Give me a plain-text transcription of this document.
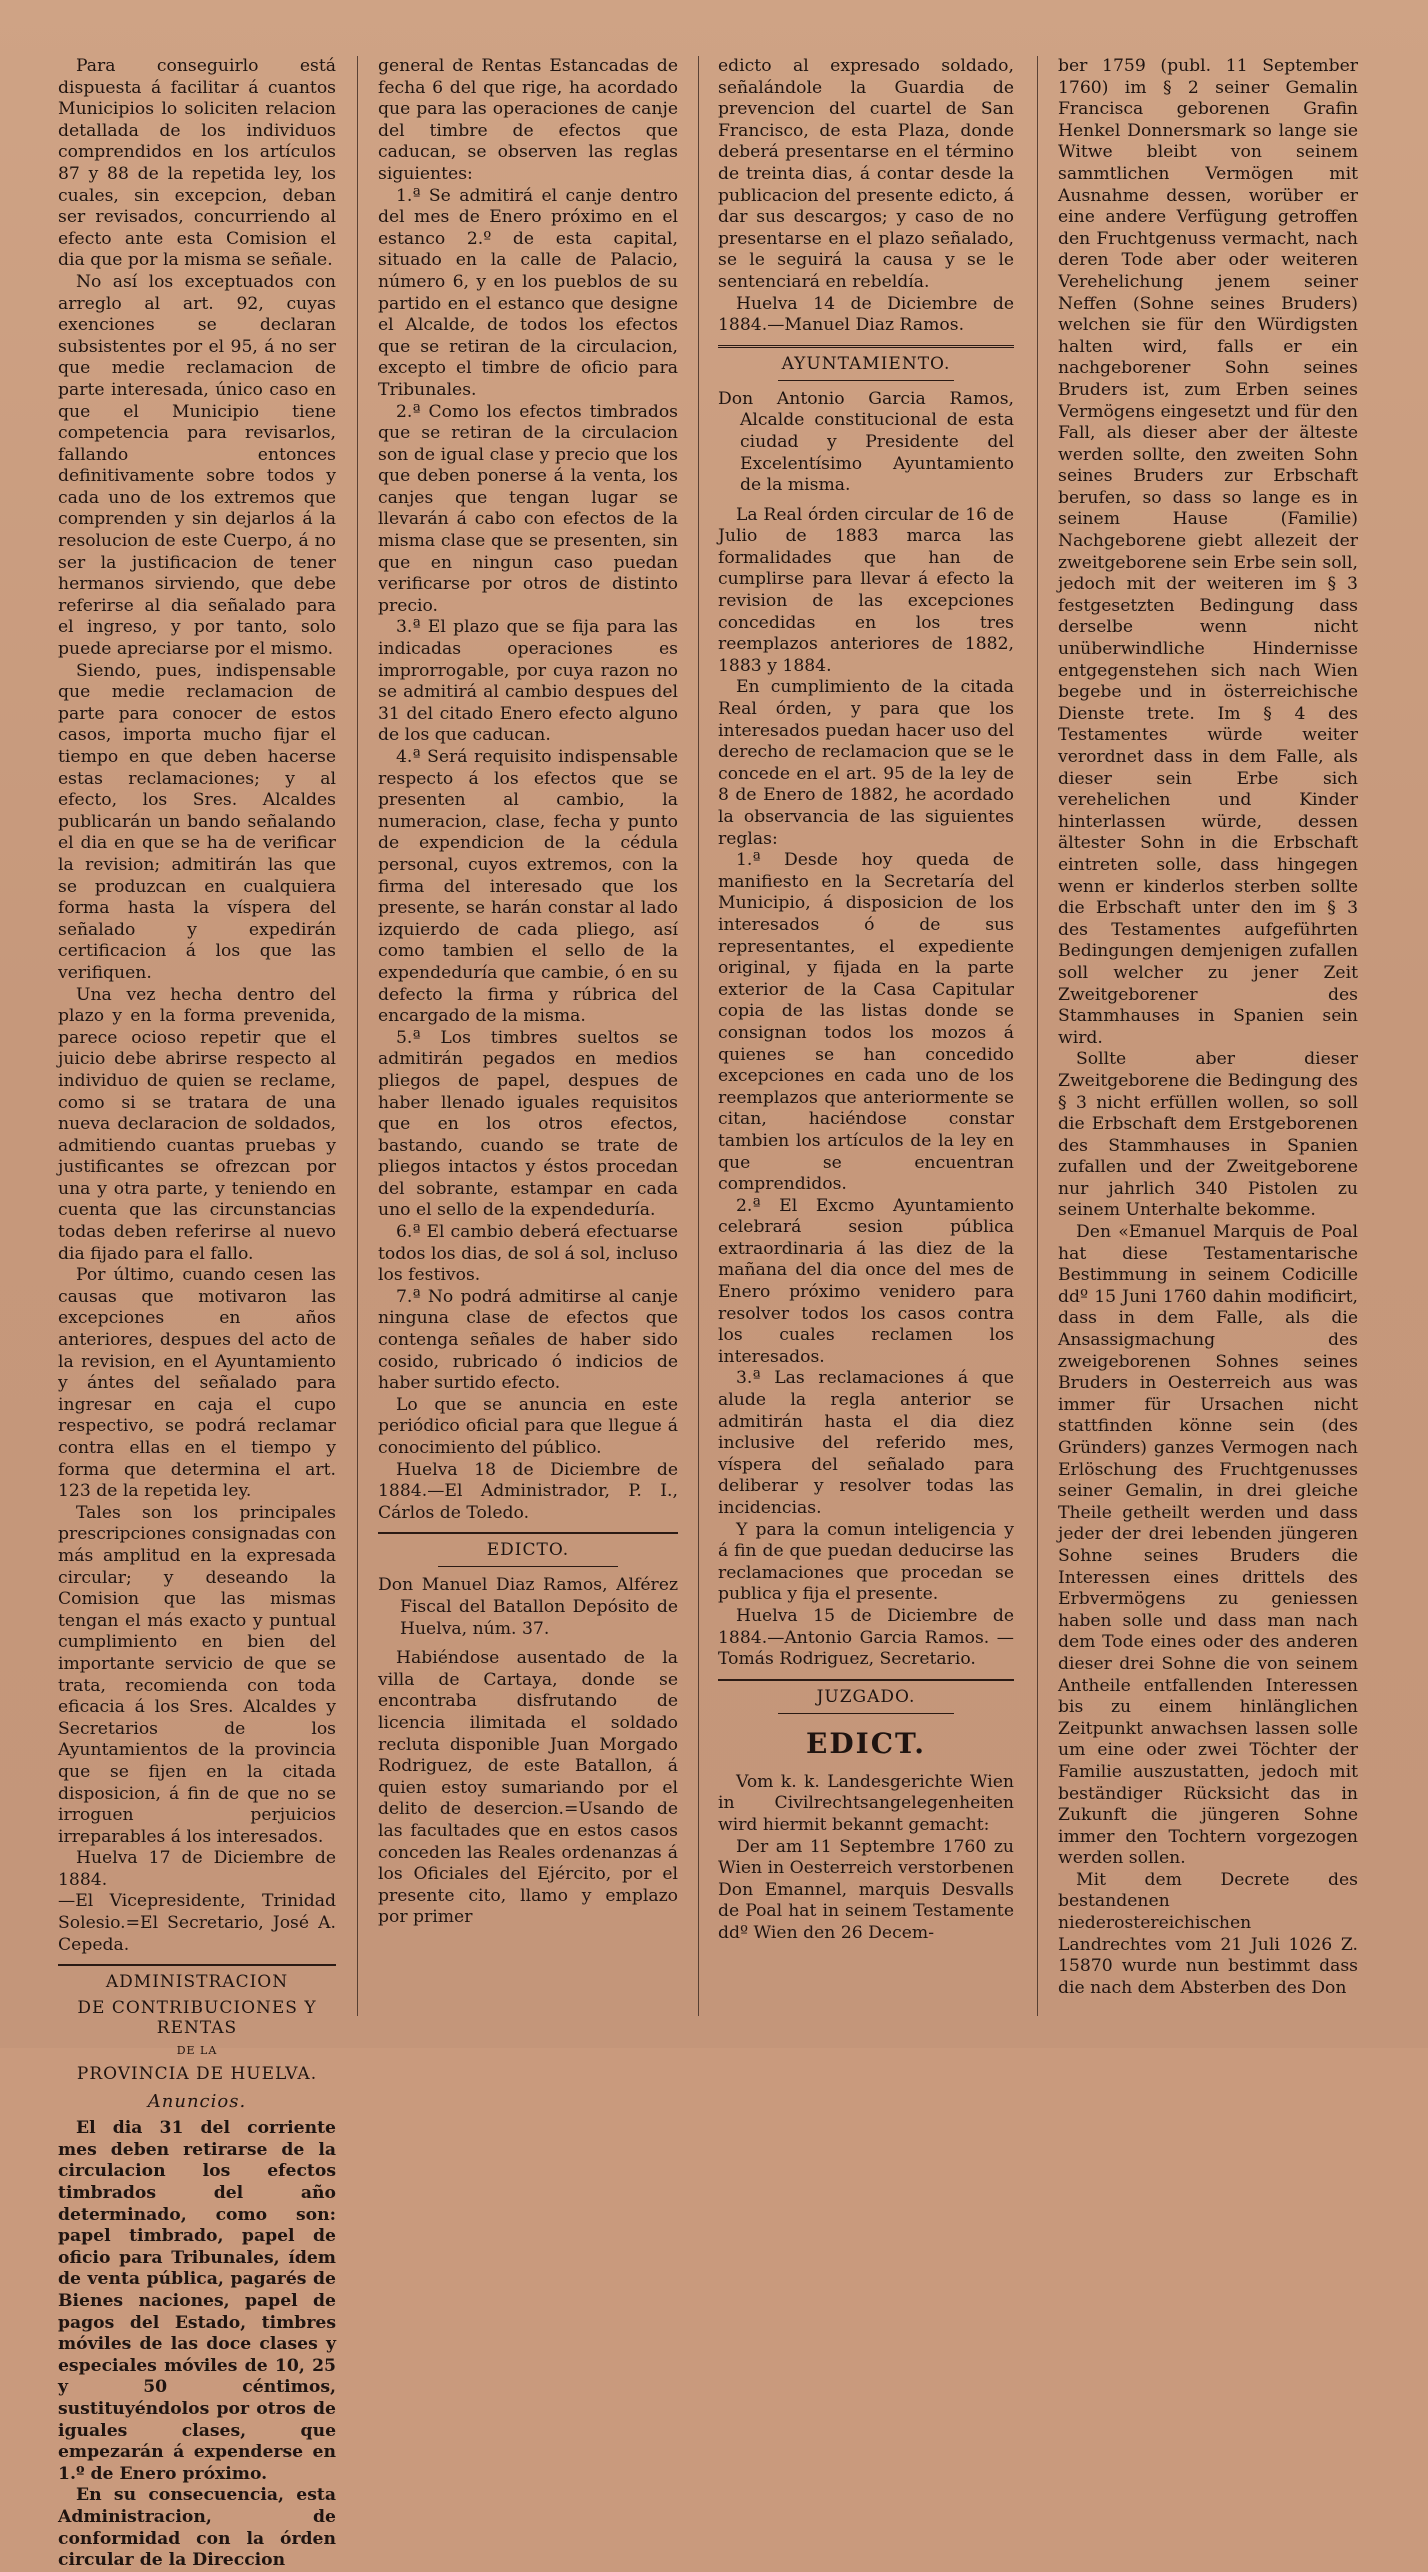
Para conseguirlo está dispuesta á facilitar á cuantos Municipios lo soliciten relacion detallada de los individuos comprendidos en los artículos 87 y 88 de la repetida ley, los cuales, sin excepcion, deban ser revisados, concurriendo al efecto ante esta Comision el dia que por la misma se señale.

No así los exceptuados con arreglo al art. 92, cuyas exenciones se declaran subsistentes por el 95, á no ser que medie reclamacion de parte interesada, único caso en que el Municipio tiene competencia para revisarlos, fallando entonces definitivamente sobre todos y cada uno de los extremos que comprenden y sin dejarlos á la resolucion de este Cuerpo, á no ser la justificacion de tener hermanos sirviendo, que debe referirse al dia señalado para el ingreso, y por tanto, solo puede apreciarse por el mismo.

Siendo, pues, indispensable que medie reclamacion de parte para conocer de estos casos, importa mucho fijar el tiempo en que deben hacerse estas reclamaciones; y al efecto, los Sres. Alcaldes publicarán un bando señalando el dia en que se ha de verificar la revision; admitirán las que se produzcan en cualquiera forma hasta la víspera del señalado y expedirán certificacion á los que las verifiquen.

Una vez hecha dentro del plazo y en la forma prevenida, parece ocioso repetir que el juicio debe abrirse respecto al individuo de quien se reclame, como si se tratara de una nueva declaracion de soldados, admitiendo cuantas pruebas y justificantes se ofrezcan por una y otra parte, y teniendo en cuenta que las circunstancias todas deben referirse al nuevo dia fijado para el fallo.

Por último, cuando cesen las causas que motivaron las excepciones en años anteriores, despues del acto de la revision, en el Ayuntamiento y ántes del señalado para ingresar en caja el cupo respectivo, se podrá reclamar contra ellas en el tiempo y forma que determina el art. 123 de la repetida ley.

Tales son los principales prescripciones consignadas con más amplitud en la expresada circular; y deseando la Comision que las mismas tengan el más exacto y puntual cumplimiento en bien del importante servicio de que se trata, recomienda con toda eficacia á los Sres. Alcaldes y Secretarios de los Ayuntamientos de la provincia que se fijen en la citada disposicion, á fin de que no se irroguen perjuicios irreparables á los interesados.

Huelva 17 de Diciembre de 1884.

—El Vicepresidente, Trinidad Solesio.=El Secretario, José A. Cepeda.

ADMINISTRACION
DE CONTRIBUCIONES Y RENTAS
DE LA
PROVINCIA DE HUELVA.
Anuncios.

El dia 31 del corriente mes deben retirarse de la circulacion los efectos timbrados del año determinado, como son: papel timbrado, papel de oficio para Tribunales, ídem de venta pública, pagarés de Bienes naciones, papel de pagos del Estado, timbres móviles de las doce clases y especiales móviles de 10, 25 y 50 céntimos, sustituyéndolos por otros de iguales clases, que empezarán á expenderse en 1.º de Enero próximo.

En su consecuencia, esta Administracion, de conformidad con la órden circular de la Direccion

general de Rentas Estancadas de fecha 6 del que rige, ha acordado que para las operaciones de canje del timbre de efectos que caducan, se observen las reglas siguientes:

1.ª Se admitirá el canje dentro del mes de Enero próximo en el estanco 2.º de esta capital, situado en la calle de Palacio, número 6, y en los pueblos de su partido en el estanco que designe el Alcalde, de todos los efectos que se retiran de la circulacion, excepto el timbre de oficio para Tribunales.

2.ª Como los efectos timbrados que se retiran de la circulacion son de igual clase y precio que los que deben ponerse á la venta, los canjes que tengan lugar se llevarán á cabo con efectos de la misma clase que se presenten, sin que en ningun caso puedan verificarse por otros de distinto precio.

3.ª El plazo que se fija para las indicadas operaciones es improrrogable, por cuya razon no se admitirá al cambio despues del 31 del citado Enero efecto alguno de los que caducan.

4.ª Será requisito indispensable respecto á los efectos que se presenten al cambio, la numeracion, clase, fecha y punto de expendicion de la cédula personal, cuyos extremos, con la firma del interesado que los presente, se harán constar al lado izquierdo de cada pliego, así como tambien el sello de la expendeduría que cambie, ó en su defecto la firma y rúbrica del encargado de la misma.

5.ª Los timbres sueltos se admitirán pegados en medios pliegos de papel, despues de haber llenado iguales requisitos que en los otros efectos, bastando, cuando se trate de pliegos intactos y éstos procedan del sobrante, estampar en cada uno el sello de la expendeduría.

6.ª El cambio deberá efectuarse todos los dias, de sol á sol, incluso los festivos.

7.ª No podrá admitirse al canje ninguna clase de efectos que contenga señales de haber sido cosido, rubricado ó indicios de haber surtido efecto.

Lo que se anuncia en este periódico oficial para que llegue á conocimiento del público.

Huelva 18 de Diciembre de 1884.—El Administrador, P. I., Cárlos de Toledo.

EDICTO.

Don Manuel Diaz Ramos, Alférez Fiscal del Batallon Depósito de Huelva, núm. 37.

Habiéndose ausentado de la villa de Cartaya, donde se encontraba disfrutando de licencia ilimitada el soldado recluta disponible Juan Morgado Rodriguez, de este Batallon, á quien estoy sumariando por el delito de desercion.=Usando de las facultades que en estos casos conceden las Reales ordenanzas á los Oficiales del Ejército, por el presente cito, llamo y emplazo por primer

edicto al expresado soldado, señalándole la Guardia de prevencion del cuartel de San Francisco, de esta Plaza, donde deberá presentarse en el término de treinta dias, á contar desde la publicacion del presente edicto, á dar sus descargos; y caso de no presentarse en el plazo señalado, se le seguirá la causa y se le sentenciará en rebeldía.

Huelva 14 de Diciembre de 1884.—Manuel Diaz Ramos.

AYUNTAMIENTO.

Don Antonio Garcia Ramos, Alcalde constitucional de esta ciudad y Presidente del Excelentísimo Ayuntamiento de la misma.

La Real órden circular de 16 de Julio de 1883 marca las formalidades que han de cumplirse para llevar á efecto la revision de las excepciones concedidas en los tres reemplazos anteriores de 1882, 1883 y 1884.

En cumplimiento de la citada Real órden, y para que los interesados puedan hacer uso del derecho de reclamacion que se le concede en el art. 95 de la ley de 8 de Enero de 1882, he acordado la observancia de las siguientes reglas:

1.ª Desde hoy queda de manifiesto en la Secretaría del Municipio, á disposicion de los interesados ó de sus representantes, el expediente original, y fijada en la parte exterior de la Casa Capitular copia de las listas donde se consignan todos los mozos á quienes se han concedido excepciones en cada uno de los reemplazos que anteriormente se citan, haciéndose constar tambien los artículos de la ley en que se encuentran comprendidos.

2.ª El Excmo Ayuntamiento celebrará sesion pública extraordinaria á las diez de la mañana del dia once del mes de Enero próximo venidero para resolver todos los casos contra los cuales reclamen los interesados.

3.ª Las reclamaciones á que alude la regla anterior se admitirán hasta el dia diez inclusive del referido mes, víspera del señalado para deliberar y resolver todas las incidencias.

Y para la comun inteligencia y á fin de que puedan deducirse las reclamaciones que procedan se publica y fija el presente.

Huelva 15 de Diciembre de 1884.—Antonio Garcia Ramos. —Tomás Rodriguez, Secretario.

JUZGADO.
EDICT.

Vom k. k. Landesgerichte Wien in Civilrechtsangelegenheiten wird hiermit bekannt gemacht:

Der am 11 Septembre 1760 zu Wien in Oesterreich verstorbenen Don Emannel, marquis Desvalls de Poal hat in seinem Testamente ddº Wien den 26 Decem-

ber 1759 (publ. 11 September 1760) im § 2 seiner Gemalin Francisca geborenen Grafin Henkel Donnersmark so lange sie Witwe bleibt von seinem sammtlichen Vermögen mit Ausnahme dessen, worüber er eine andere Verfügung getroffen den Fruchtgenuss vermacht, nach deren Tode aber oder weiteren Verehelichung jenem seiner Neffen (Sohne seines Bruders) welchen sie für den Würdigsten halten wird, falls er ein nachgeborener Sohn seines Bruders ist, zum Erben seines Vermögens eingesetzt und für den Fall, als dieser aber der älteste werden sollte, den zweiten Sohn seines Bruders zur Erbschaft berufen, so dass so lange es in seinem Hause (Familie) Nachgeborene giebt allezeit der zweitgeborene sein Erbe sein soll, jedoch mit der weiteren im § 3 festgesetzten Bedingung dass derselbe wenn nicht unüberwindliche Hindernisse entgegenstehen sich nach Wien begebe und in österreichische Dienste trete. Im § 4 des Testamentes würde weiter verordnet dass in dem Falle, als dieser sein Erbe sich verehelichen und Kinder hinterlassen würde, dessen ältester Sohn in die Erbschaft eintreten solle, dass hingegen wenn er kinderlos sterben sollte die Erbschaft unter den im § 3 des Testamentes aufgeführten Bedingungen demjenigen zufallen soll welcher zu jener Zeit Zweitgeborener des Stammhauses in Spanien sein wird.

Sollte aber dieser Zweitgeborene die Bedingung des § 3 nicht erfüllen wollen, so soll die Erbschaft dem Erstgeborenen des Stammhauses in Spanien zufallen und der Zweitgeborene nur jahrlich 340 Pistolen zu seinem Unterhalte bekomme.

Den «Emanuel Marquis de Poal hat diese Testamentarische Bestimmung in seinem Codicille ddº 15 Juni 1760 dahin modificirt, dass in dem Falle, als die Ansassigmachung des zweigeborenen Sohnes seines Bruders in Oesterreich aus was immer für Ursachen nicht stattfinden könne sein (des Gründers) ganzes Vermogen nach Erlöschung des Fruchtgenusses seiner Gemalin, in drei gleiche Theile getheilt werden und dass jeder der drei lebenden jüngeren Sohne seines Bruders die Interessen eines drittels des Erbvermögens zu geniessen haben solle und dass man nach dem Tode eines oder des anderen dieser drei Sohne die von seinem Antheile entfallenden Interessen bis zu einem hinlänglichen Zeitpunkt anwachsen lassen solle um eine oder zwei Töchter der Familie auszustatten, jedoch mit beständiger Rücksicht das in Zukunft die jüngeren Sohne immer den Tochtern vorgezogen werden sollen.

Mit dem Decrete des bestandenen niederostereichischen Landrechtes vom 21 Juli 1026 Z. 15870 wurde nun bestimmt dass die nach dem Absterben des Don
